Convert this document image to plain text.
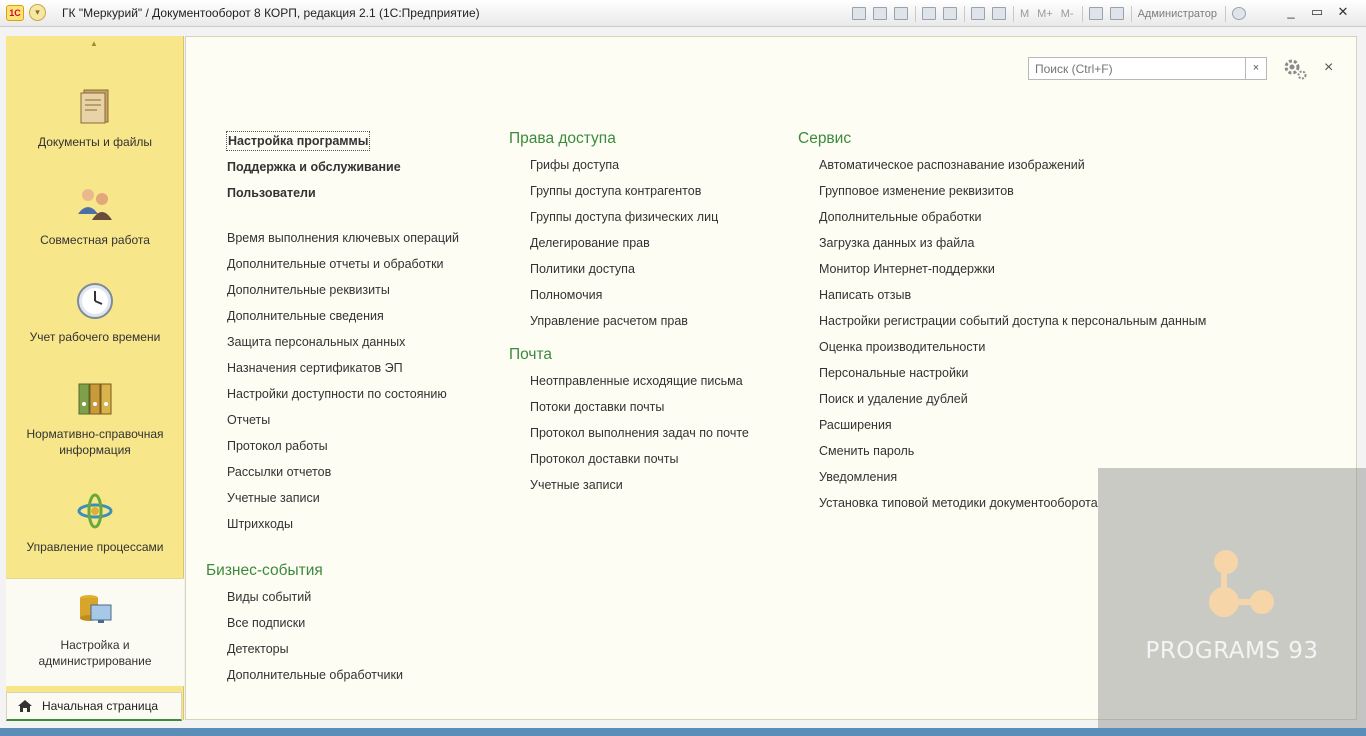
1С	▾	ГК "Меркурий" / Документооборот 8 КОРП, редакция 2.1 (1С:Предприятие)	M M+ M-	Администратор	_	▭	✕
▲
Документы и файлы
Совместная работа
Учет рабочего времени
Нормативно-справочная информация
Управление процессами
Настройка и администрирование
Начальная страница
Поиск (Ctrl+F)
×	×
Настройка программы
Поддержка и обслуживание
Пользователи
Время выполнения ключевых операций
Дополнительные отчеты и обработки
Дополнительные реквизиты
Дополнительные сведения
Защита персональных данных
Назначения сертификатов ЭП
Настройки доступности по состоянию
Отчеты
Протокол работы
Рассылки отчетов
Учетные записи
Штрихкоды
Бизнес-события
Виды событий
Все подписки
Детекторы
Дополнительные обработчики
Права доступа
Грифы доступа
Группы доступа контрагентов
Группы доступа физических лиц
Делегирование прав
Политики доступа
Полномочия
Управление расчетом прав
Почта
Неотправленные исходящие письма
Потоки доставки почты
Протокол выполнения задач по почте
Протокол доставки почты
Учетные записи
Сервис
Автоматическое распознавание изображений
Групповое изменение реквизитов
Дополнительные обработки
Загрузка данных из файла
Монитор Интернет-поддержки
Написать отзыв
Настройки регистрации событий доступа к персональным данным
Оценка производительности
Персональные настройки
Поиск и удаление дублей
Расширения
Сменить пароль
Уведомления
Установка типовой методики документооборота
PROGRAMS 93
